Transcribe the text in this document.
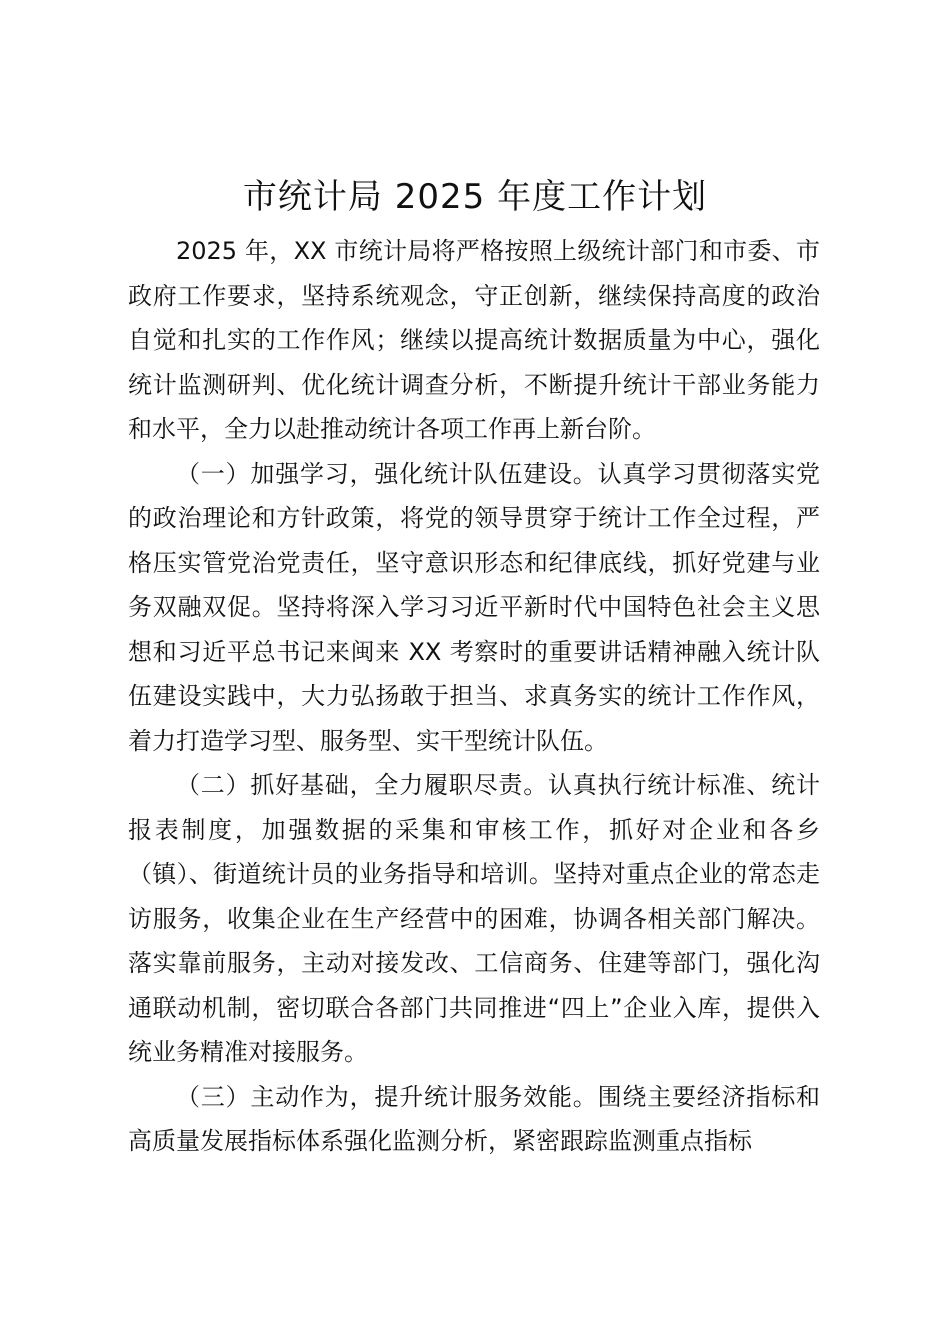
市统计局 2025 年度工作计划

2025 年，XX 市统计局将严格按照上级统计部门和市委、市政府工作要求，坚持系统观念，守正创新，继续保持高度的政治自觉和扎实的工作作风；继续以提高统计数据质量为中心，强化统计监测研判、优化统计调查分析，不断提升统计干部业务能力和水平，全力以赴推动统计各项工作再上新台阶。

（一）加强学习，强化统计队伍建设。认真学习贯彻落实党的政治理论和方针政策，将党的领导贯穿于统计工作全过程，严格压实管党治党责任，坚守意识形态和纪律底线，抓好党建与业务双融双促。坚持将深入学习习近平新时代中国特色社会主义思想和习近平总书记来闽来 XX 考察时的重要讲话精神融入统计队伍建设实践中，大力弘扬敢于担当、求真务实的统计工作作风，着力打造学习型、服务型、实干型统计队伍。

（二）抓好基础，全力履职尽责。认真执行统计标准、统计报表制度，加强数据的采集和审核工作，抓好对企业和各乡（镇）、街道统计员的业务指导和培训。坚持对重点企业的常态走访服务，收集企业在生产经营中的困难，协调各相关部门解决。落实靠前服务，主动对接发改、工信商务、住建等部门，强化沟通联动机制，密切联合各部门共同推进“四上”企业入库，提供入统业务精准对接服务。

（三）主动作为，提升统计服务效能。围绕主要经济指标和高质量发展指标体系强化监测分析，紧密跟踪监测重点指标
